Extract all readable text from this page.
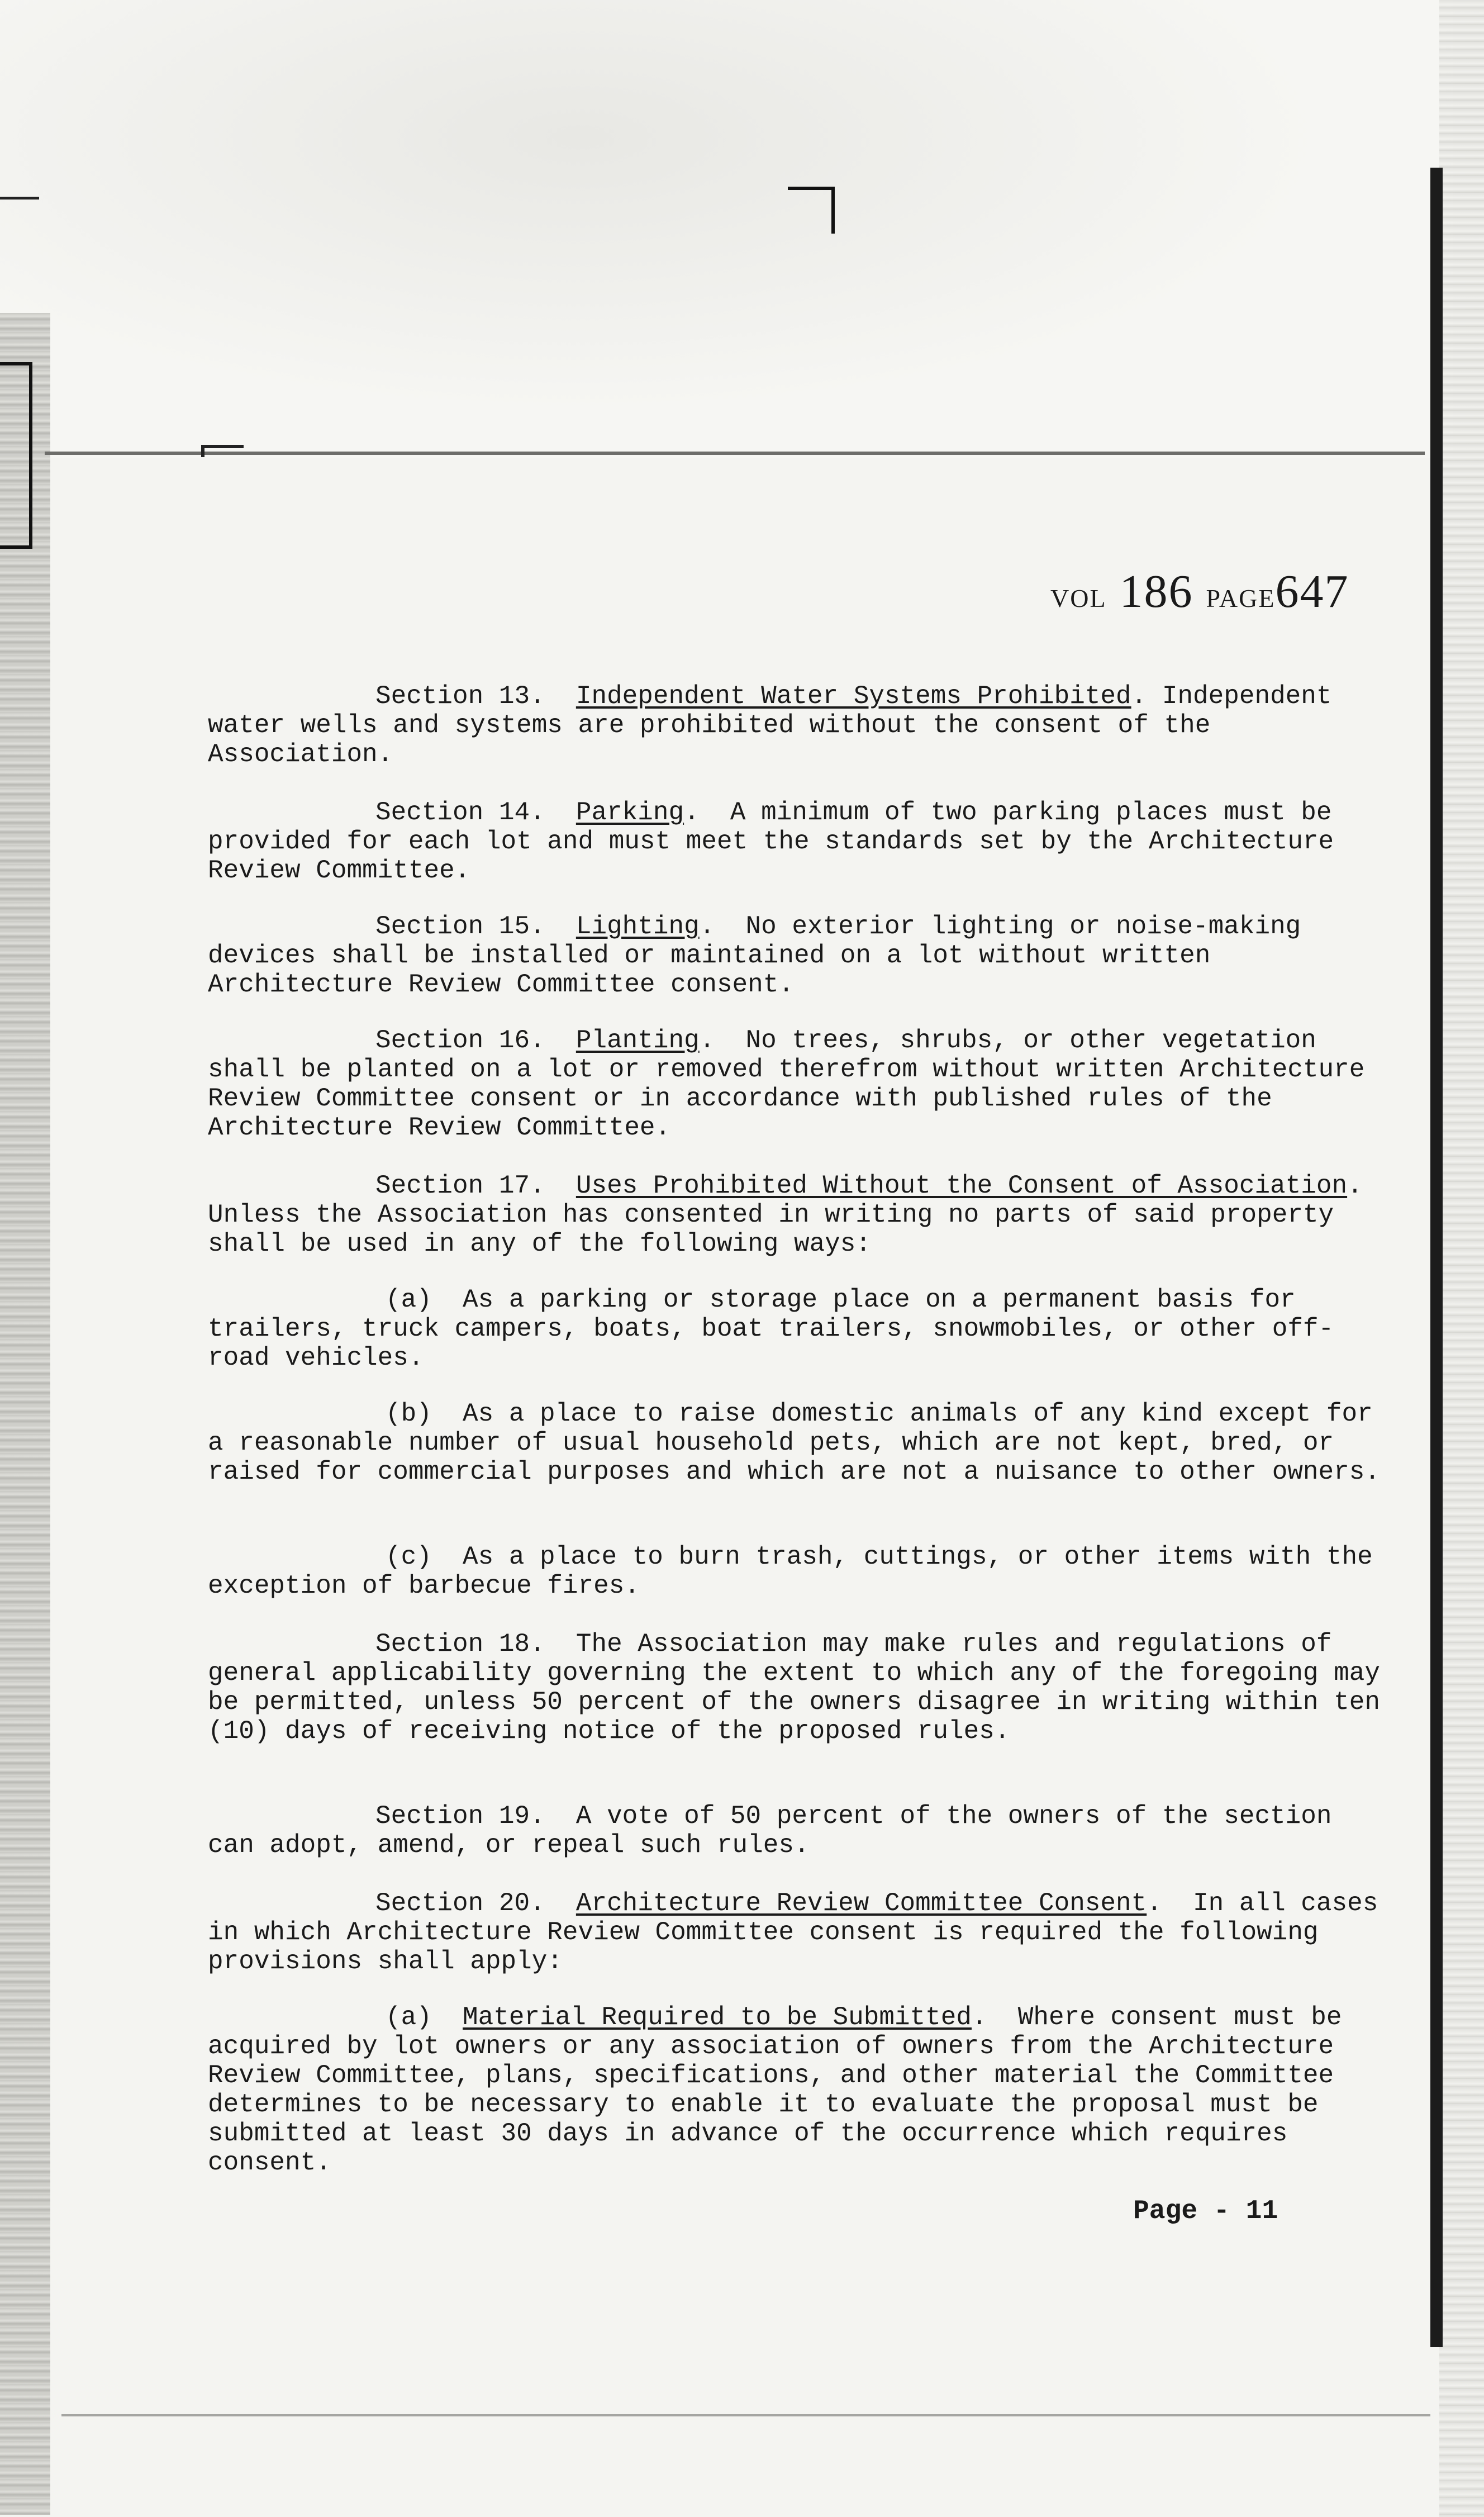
VOL 186 PAGE647
Section 13.  Independent Water Systems Prohibited. Independent water wells and systems are prohibited without the consent of the Association.
Section 14.  Parking.  A minimum of two parking places must be provided for each lot and must meet the standards set by the Architecture Review Committee.
Section 15.  Lighting.  No exterior lighting or noise-making devices shall be installed or maintained on a lot without written Architecture Review Committee consent.
Section 16.  Planting.  No trees, shrubs, or other vegetation shall be planted on a lot or removed therefrom without written Architecture Review Committee consent or in accordance with published rules of the Architecture Review Committee.
Section 17.  Uses Prohibited Without the Consent of Association.  Unless the Association has consented in writing no parts of said property shall be used in any of the following ways:
(a)  As a parking or storage place on a permanent basis for trailers, truck campers, boats, boat trailers, snowmobiles, or other off-road vehicles.
(b)  As a place to raise domestic animals of any kind except for a reasonable number of usual household pets, which are not kept, bred, or raised for commercial purposes and which are not a nuisance to other owners.
(c)  As a place to burn trash, cuttings, or other items with the exception of barbecue fires.
Section 18.  The Association may make rules and regulations of general applicability governing the extent to which any of the foregoing may be permitted, unless 50 percent of the owners disagree in writing within ten (10) days of receiving notice of the proposed rules.
Section 19.  A vote of 50 percent of the owners of the section can adopt, amend, or repeal such rules.
Section 20.  Architecture Review Committee Consent.  In all cases in which Architecture Review Committee consent is required the following provisions shall apply:
(a)  Material Required to be Submitted.  Where consent must be acquired by lot owners or any association of owners from the Architecture Review Committee, plans, specifications, and other material the Committee determines to be necessary to enable it to evaluate the proposal must be submitted at least 30 days in advance of the occurrence which requires consent.
Page - 11
